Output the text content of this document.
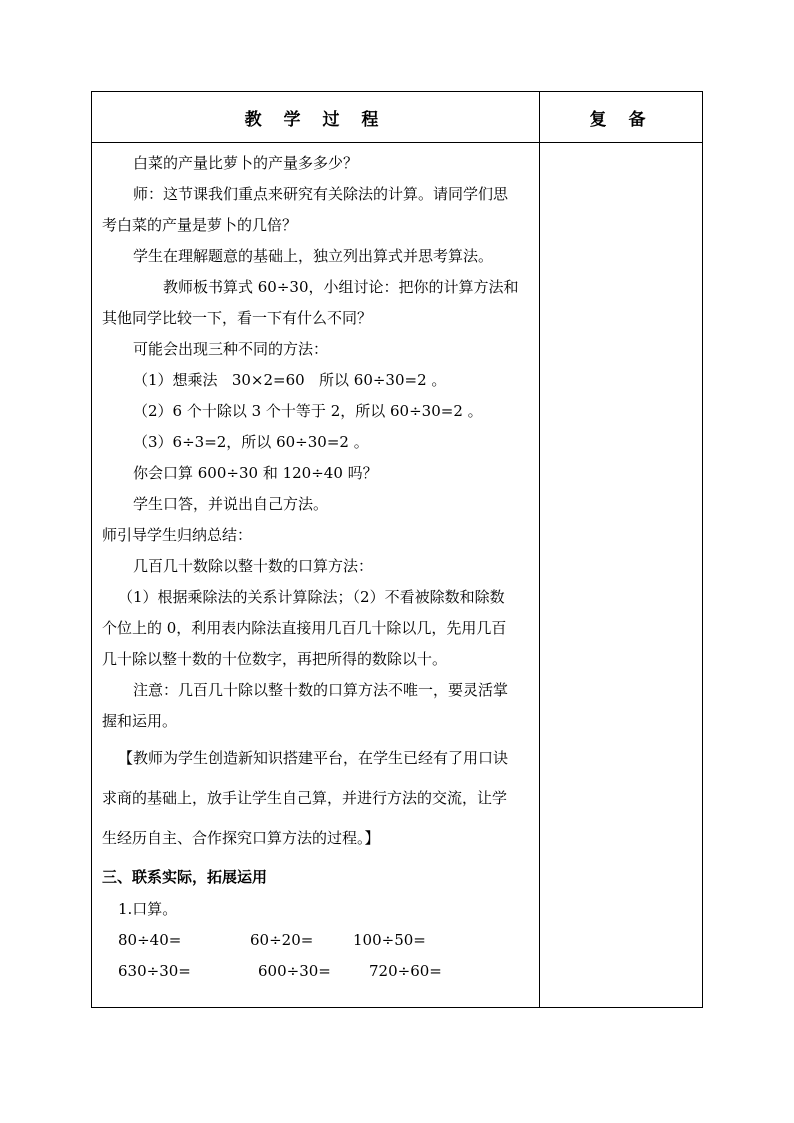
教 学 过 程	复 备
白菜的产量比萝卜的产量多多少？
师：这节课我们重点来研究有关除法的计算。请同学们思
考白菜的产量是萝卜的几倍？
学生在理解题意的基础上，独立列出算式并思考算法。
教师板书算式 60÷30，小组讨论：把你的计算方法和
其他同学比较一下，看一下有什么不同？
可能会出现三种不同的方法：
（1）想乘法   30×2=60   所以 60÷30=2 。
（2）6 个十除以 3 个十等于 2，所以 60÷30=2 。
（3）6÷3=2，所以 60÷30=2 。
你会口算 600÷30 和 120÷40 吗？
学生口答，并说出自己方法。
师引导学生归纳总结：
几百几十数除以整十数的口算方法：
（1）根据乘除法的关系计算除法；（2）不看被除数和除数
个位上的 0，利用表内除法直接用几百几十除以几，先用几百
几十除以整十数的十位数字，再把所得的数除以十。
注意：几百几十除以整十数的口算方法不唯一，要灵活掌
握和运用。
【教师为学生创造新知识搭建平台，在学生已经有了用口诀
求商的基础上，放手让学生自己算，并进行方法的交流，让学
生经历自主、合作探究口算方法的过程。】
三、联系实际，拓展运用
1.口算。
80÷40=	60÷20=	100÷50=
630÷30=	600÷30=	720÷60=
